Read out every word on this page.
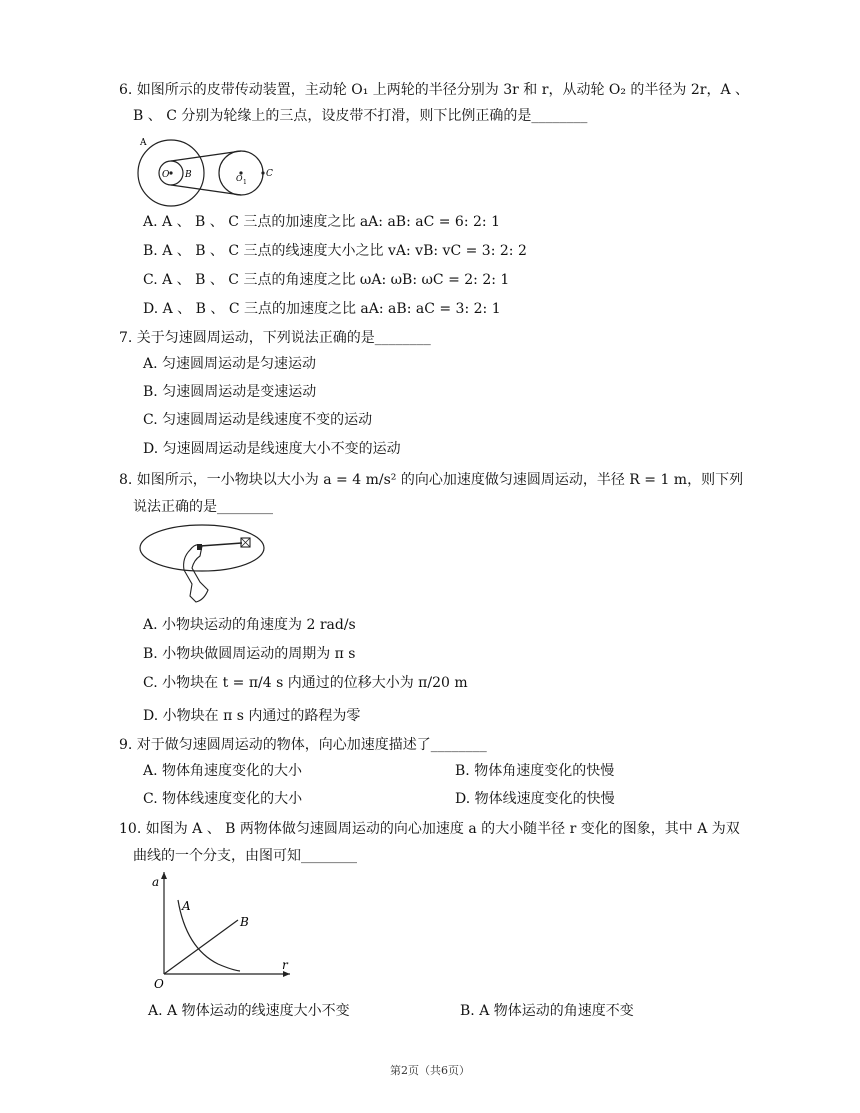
6. 如图所示的皮带传动装置，主动轮 O₁ 上两轮的半径分别为 3r 和 r，从动轮 O₂ 的半径为 2r，A 、
B 、 C 分别为轮缘上的三点，设皮带不打滑，则下比例正确的是________
A
O B	O 1
C
A. A 、 B 、 C 三点的加速度之比 aA: aB: aC = 6: 2: 1
B. A 、 B 、 C 三点的线速度大小之比 vA: vB: vC = 3: 2: 2
C. A 、 B 、 C 三点的角速度之比 ωA: ωB: ωC = 2: 2: 1
D. A 、 B 、 C 三点的加速度之比 aA: aB: aC = 3: 2: 1
7. 关于匀速圆周运动，下列说法正确的是________
A. 匀速圆周运动是匀速运动
B. 匀速圆周运动是变速运动
C. 匀速圆周运动是线速度不变的运动
D. 匀速圆周运动是线速度大小不变的运动
8. 如图所示，一小物块以大小为 a = 4 m/s² 的向心加速度做匀速圆周运动，半径 R = 1 m，则下列
说法正确的是________
A. 小物块运动的角速度为 2 rad/s
B. 小物块做圆周运动的周期为 π s
C. 小物块在 t = π/4 s 内通过的位移大小为 π/20 m
D. 小物块在 π s 内通过的路程为零
9. 对于做匀速圆周运动的物体，向心加速度描述了________
A. 物体角速度变化的大小	B. 物体角速度变化的快慢
C. 物体线速度变化的大小	D. 物体线速度变化的快慢
10. 如图为 A 、 B 两物体做匀速圆周运动的向心加速度 a 的大小随半径 r 变化的图象，其中 A 为双
曲线的一个分支，由图可知________
a
A
B
O
r
A. A 物体运动的线速度大小不变	B. A 物体运动的角速度不变
第2页（共6页）
